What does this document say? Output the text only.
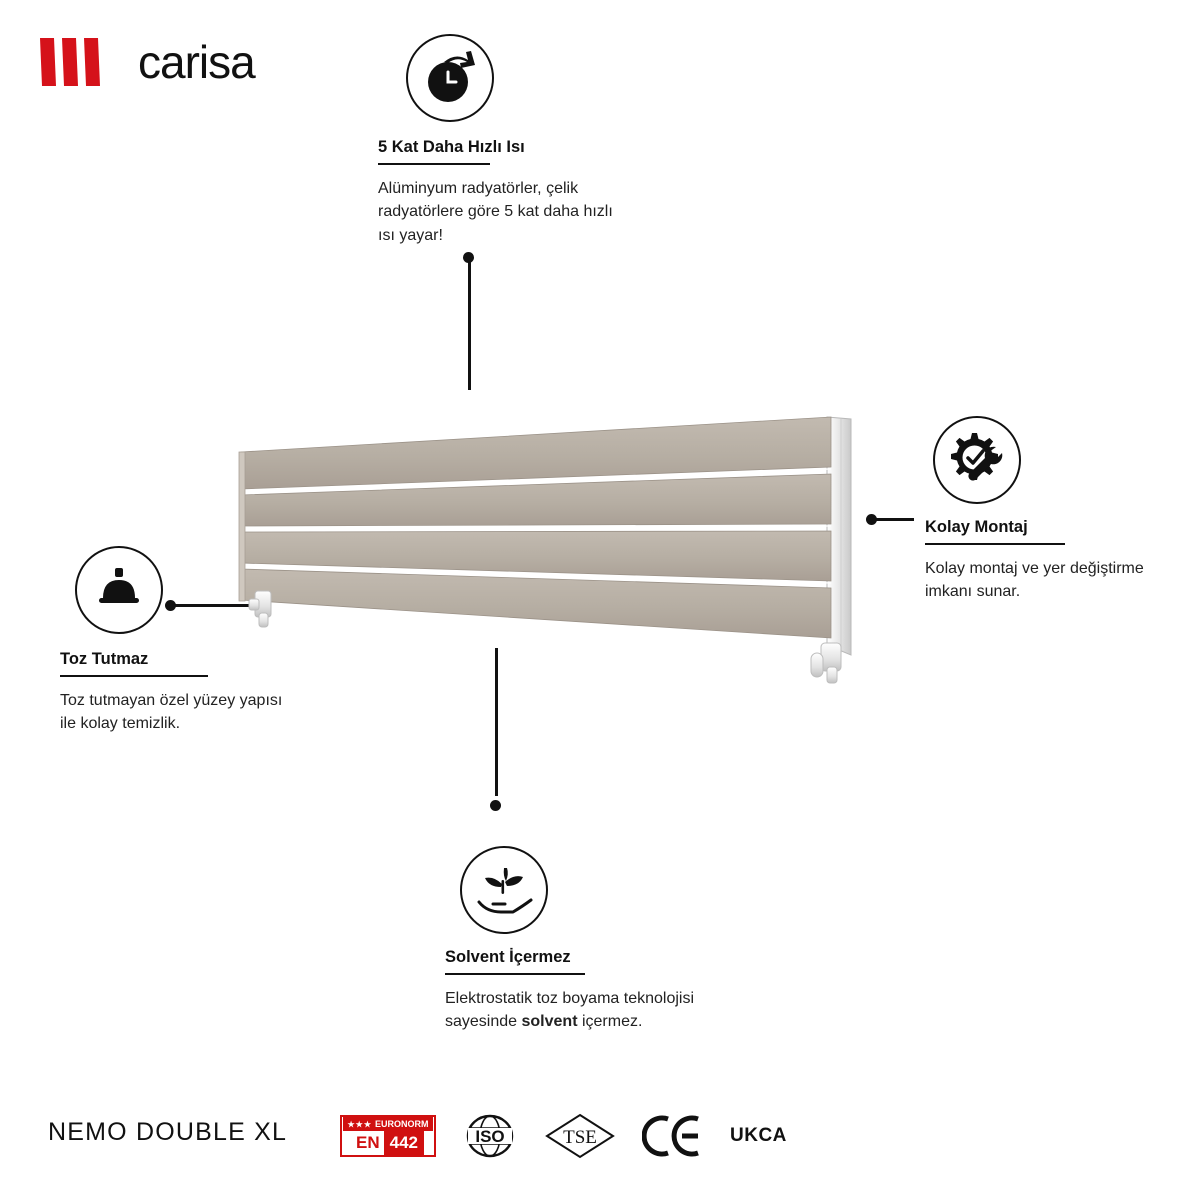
carisa
5 Kat Daha Hızlı Isı
Alüminyum radyatörler, çelik radyatörlere göre 5 kat daha hızlı ısı yayar!
Kolay Montaj
Kolay montaj ve yer değiştirme imkanı sunar.
Toz Tutmaz
Toz tutmayan özel yüzey yapısı ile kolay temizlik.
Solvent İçermez
Elektrostatik toz boyama teknolojisi sayesinde solvent içermez.
NEMO DOUBLE XL	★★★ EURONORM
EN 442	ISO	TSE	UK CA
